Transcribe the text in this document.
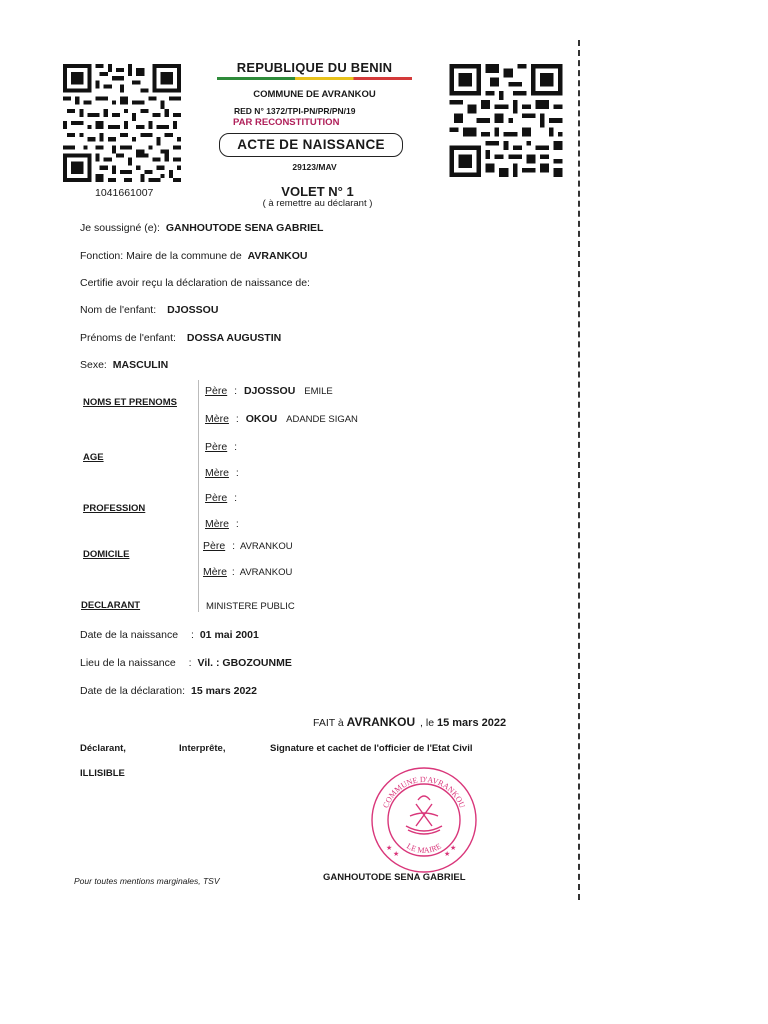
1041661007
REPUBLIQUE DU BENIN
COMMUNE DE AVRANKOU
RED N° 1372/TPI-PN/PR/PN/19
PAR RECONSTITUTION
ACTE DE NAISSANCE
29123/MAV
VOLET N° 1
( à remettre au déclarant )
Je soussigné (e): GANHOUTODE SENA GABRIEL
Fonction: Maire de la commune de AVRANKOU
Certifie avoir reçu la déclaration de naissance de:
Nom de l'enfant: DJOSSOU
Prénoms de l'enfant: DOSSA AUGUSTIN
Sexe: MASCULIN
NOMS ET PRENOMS
Père : DJOSSOU EMILE
Mère : OKOU ADANDE SIGAN
AGE
Père :
Mère :
PROFESSION
Père :
Mère :
DOMICILE
Père : AVRANKOU
Mère : AVRANKOU
DECLARANT	MINISTERE PUBLIC
Date de la naissance : 01 mai 2001
Lieu de la naissance : Vil. : GBOZOUNME
Date de la déclaration: 15 mars 2022
FAIT à AVRANKOU , le 15 mars 2022
Déclarant,	Interprête,	Signature et cachet de l'officier de l'Etat Civil
ILLISIBLE
COMMUNE D'AVRANKOU
LE MAIRE
★
★
★
★
Pour toutes mentions marginales, TSV	GANHOUTODE SENA GABRIEL
